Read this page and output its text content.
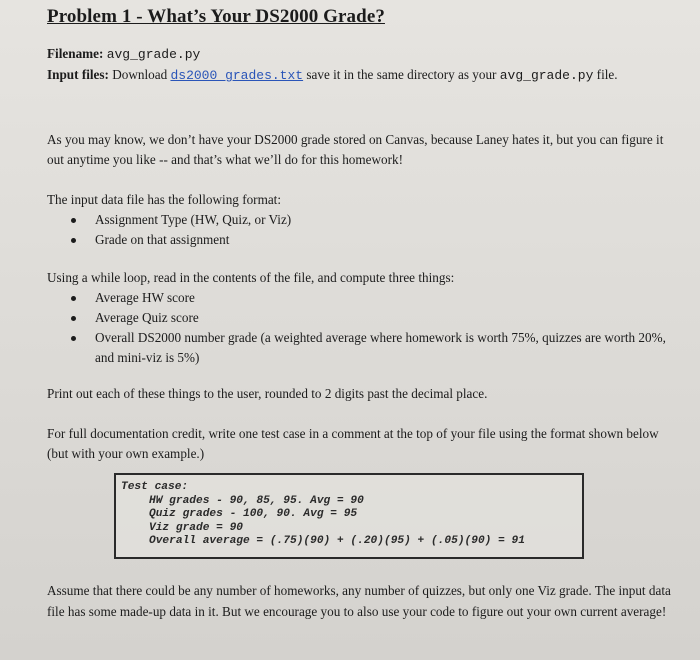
Problem 1 - What’s Your DS2000 Grade?
Filename: avg_grade.py
Input files: Download ds2000_grades.txt save it in the same directory as your avg_grade.py file.
As you may know, we don’t have your DS2000 grade stored on Canvas, because Laney hates it, but you can figure it out anytime you like -- and that’s what we’ll do for this homework!
The input data file has the following format:
Assignment Type (HW, Quiz, or Viz)
Grade on that assignment
Using a while loop, read in the contents of the file, and compute three things:
Average HW score
Average Quiz score
Overall DS2000 number grade (a weighted average where homework is worth 75%, quizzes are worth 20%, and mini-viz is 5%)
Print out each of these things to the user, rounded to 2 digits past the decimal place.
For full documentation credit, write one test case in a comment at the top of your file using the format shown below (but with your own example.)
Test case:
HW grades - 90, 85, 95. Avg = 90
Quiz grades - 100, 90. Avg = 95
Viz grade = 90
Overall average = (.75)(90) + (.20)(95) + (.05)(90) = 91
Assume that there could be any number of homeworks, any number of quizzes, but only one Viz grade. The input data file has some made-up data in it. But we encourage you to also use your code to figure out your own current average!
